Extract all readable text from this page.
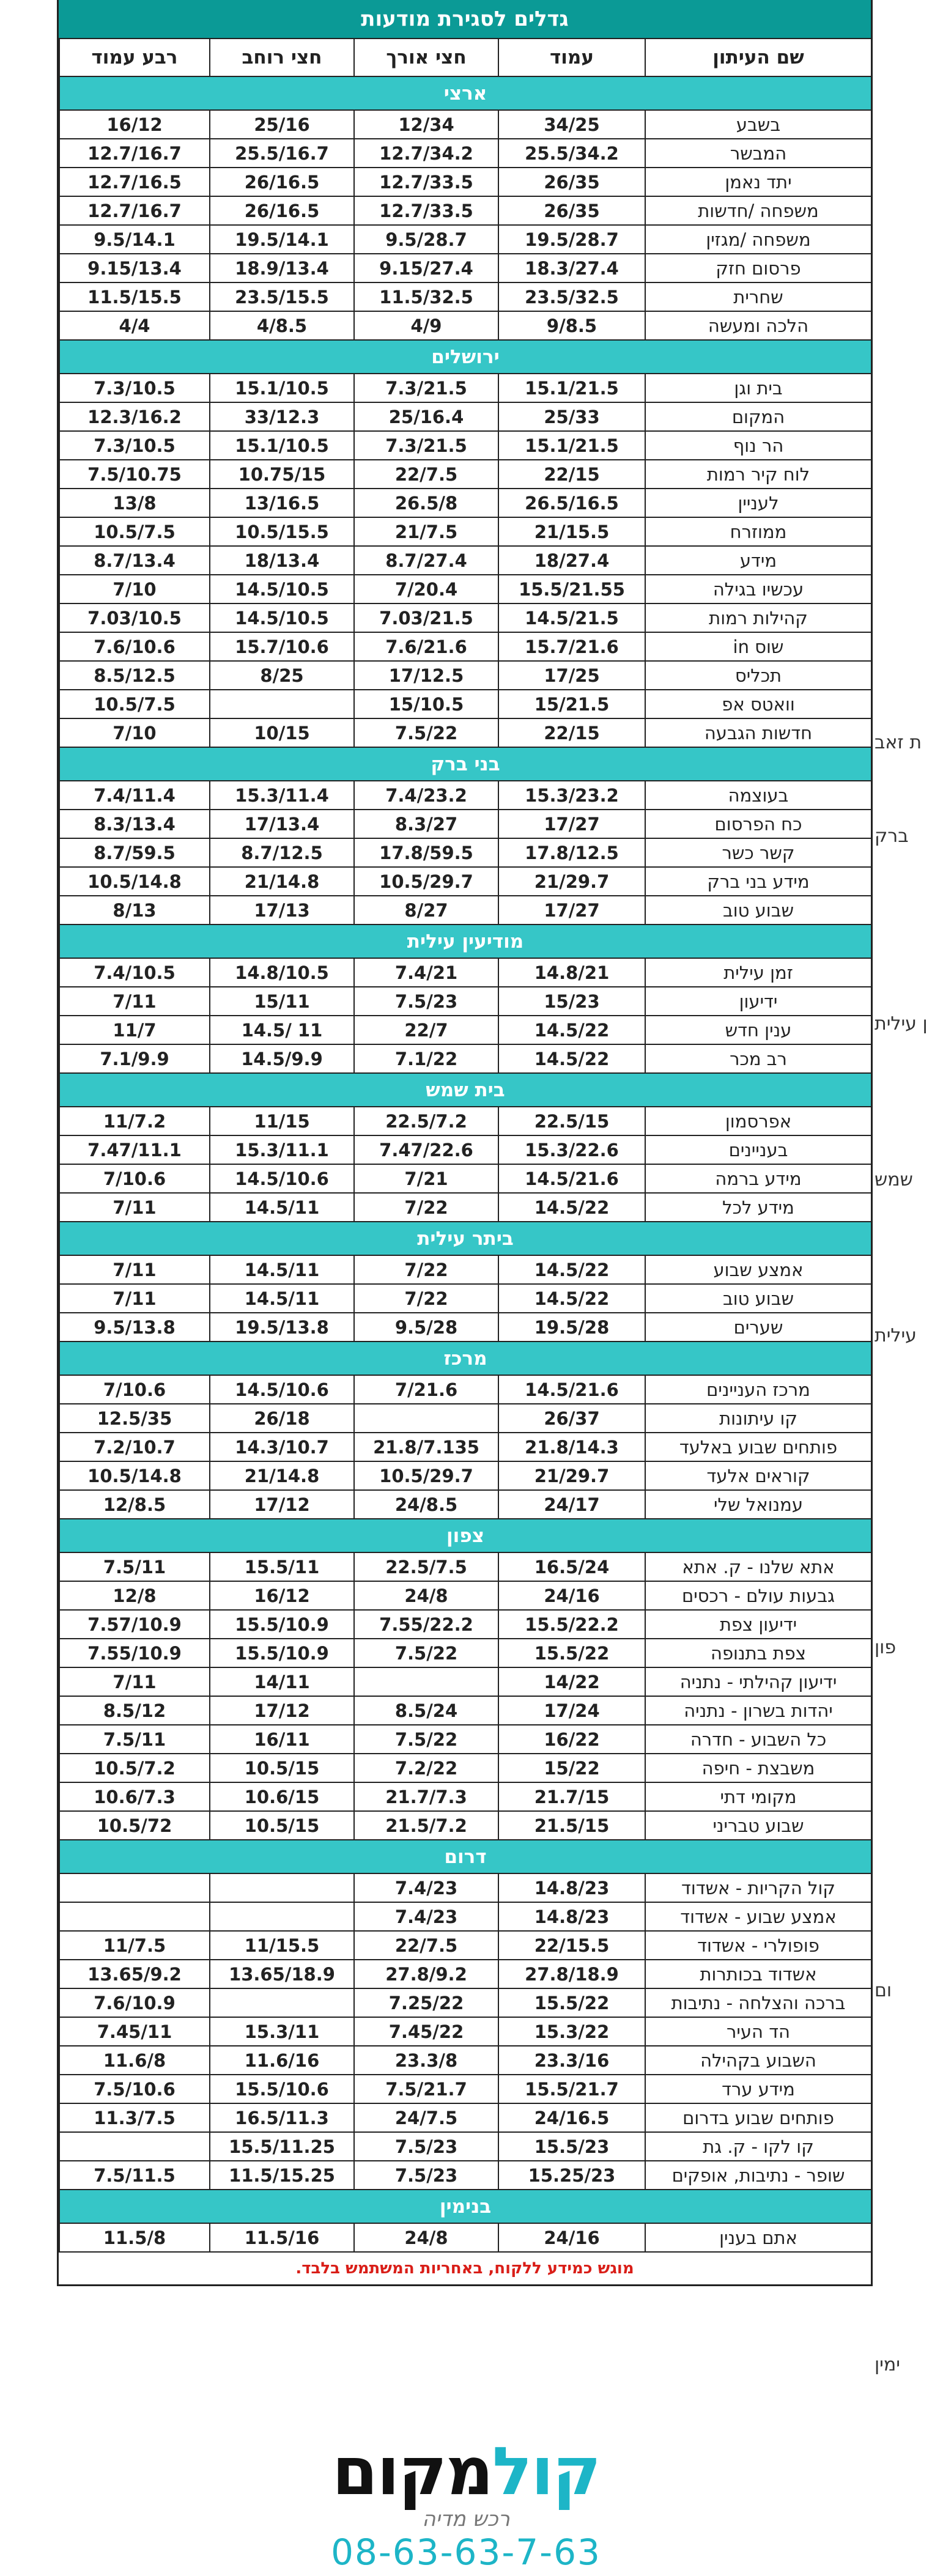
גדלים לסגירת מודעות
שם העיתון	עמוד	חצי אורך	חצי רוחב	רבע עמוד
ארצי				
בשבע	34/25	12/34	25/16	16/12
המבשר	25.5/34.2	12.7/34.2	25.5/16.7	12.7/16.7
יתד נאמן	26/35	12.7/33.5	26/16.5	12.7/16.5
משפחה /חדשות	26/35	12.7/33.5	26/16.5	12.7/16.7
משפחה /מגזין	19.5/28.7	9.5/28.7	19.5/14.1	9.5/14.1
פרסום חזק	18.3/27.4	9.15/27.4	18.9/13.4	9.15/13.4
שחרית	23.5/32.5	11.5/32.5	23.5/15.5	11.5/15.5
הלכה ומעשה	9/8.5	4/9	4/8.5	4/4
ירושלים				
בית וגן	15.1/21.5	7.3/21.5	15.1/10.5	7.3/10.5
המקום	25/33	25/16.4	33/12.3	12.3/16.2
הר נוף	15.1/21.5	7.3/21.5	15.1/10.5	7.3/10.5
לוח קיר רמות	22/15	22/7.5	10.75/15	7.5/10.75
לעניין	26.5/16.5	26.5/8	13/16.5	13/8
ממוזרח	21/15.5	21/7.5	10.5/15.5	10.5/7.5
מידע	18/27.4	8.7/27.4	18/13.4	8.7/13.4
עכשיו בגילה	15.5/21.55	7/20.4	14.5/10.5	7/10
קהילות רמות	14.5/21.5	7.03/21.5	14.5/10.5	7.03/10.5
שוס in	15.7/21.6	7.6/21.6	15.7/10.6	7.6/10.6
תכליס	17/25	17/12.5	8/25	8.5/12.5
וואטס אפ	15/21.5	15/10.5		10.5/7.5
חדשות הגבעה	22/15	7.5/22	10/15	7/10
בני ברק				
בעוצמה	15.3/23.2	7.4/23.2	15.3/11.4	7.4/11.4
כח הפרסום	17/27	8.3/27	17/13.4	8.3/13.4
קשר כשר	17.8/12.5	17.8/59.5	8.7/12.5	8.7/59.5
מידע בני ברק	21/29.7	10.5/29.7	21/14.8	10.5/14.8
שבוע טוב	17/27	8/27	17/13	8/13
מודיעין עילית				
זמן עילית	14.8/21	7.4/21	14.8/10.5	7.4/10.5
ידיעון	15/23	7.5/23	15/11	7/11
ענין חדש	14.5/22	22/7	14.5/ 11	11/7
רב מכר	14.5/22	7.1/22	14.5/9.9	7.1/9.9
בית שמש				
אפרסמון	22.5/15	22.5/7.2	11/15	11/7.2
בעניינים	15.3/22.6	7.47/22.6	15.3/11.1	7.47/11.1
מידע ברמה	14.5/21.6	7/21	14.5/10.6	7/10.6
מידע לכל	14.5/22	7/22	14.5/11	7/11
ביתר עילית				
אמצע שבוע	14.5/22	7/22	14.5/11	7/11
שבוע טוב	14.5/22	7/22	14.5/11	7/11
שערים	19.5/28	9.5/28	19.5/13.8	9.5/13.8
מרכז				
מרכז העניינים	14.5/21.6	7/21.6	14.5/10.6	7/10.6
קו עיתונות	26/37		26/18	12.5/35
פותחים שבוע באלעד	21.8/14.3	21.8/7.135	14.3/10.7	7.2/10.7
קוראים אלעד	21/29.7	10.5/29.7	21/14.8	10.5/14.8
עמנואל שלי	24/17	24/8.5	17/12	12/8.5
צפון				
אתא שלנו - ק. אתא	16.5/24	22.5/7.5	15.5/11	7.5/11
גבעות עולם - רכסים	24/16	24/8	16/12	12/8
ידיעון צפת	15.5/22.2	7.55/22.2	15.5/10.9	7.57/10.9
צפת בתנופה	15.5/22	7.5/22	15.5/10.9	7.55/10.9
ידיעון קהילתי - נתניה	14/22		14/11	7/11
יהדות בשרון - נתניה	17/24	8.5/24	17/12	8.5/12
כל השבוע - חדרה	16/22	7.5/22	16/11	7.5/11
משבצת - חיפה	15/22	7.2/22	10.5/15	10.5/7.2
מקומי דתי	21.7/15	21.7/7.3	10.6/15	10.6/7.3
שבוע טבריני	21.5/15	21.5/7.2	10.5/15	10.5/72
דרום				
קול הקריות - אשדוד	14.8/23	7.4/23		
אמצע שבוע - אשדוד	14.8/23	7.4/23		
פופולרי - אשדוד	22/15.5	22/7.5	11/15.5	11/7.5
אשדוד בכותרות	27.8/18.9	27.8/9.2	13.65/18.9	13.65/9.2
ברכה והצלחה - נתיבות	15.5/22	7.25/22		7.6/10.9
הד העיר	15.3/22	7.45/22	15.3/11	7.45/11
השבוע בקהילה	23.3/16	23.3/8	11.6/16	11.6/8
מידע ערד	15.5/21.7	7.5/21.7	15.5/10.6	7.5/10.6
פותחים שבוע בדרום	24/16.5	24/7.5	16.5/11.3	11.3/7.5
קו לקו - ק. גת	15.5/23	7.5/23	15.5/11.25	
שופר - נתיבות, אופקים	15.25/23	7.5/23	11.5/15.25	7.5/11.5
בנימין				
אתם בענין	24/16	24/8	11.5/16	11.5/8
מוגש כמידע ללקוח, באחריות המשתמש בלבד.
ת זאב
ברק
ן עילית
שמש
עילית
פון
ום
ימין
קולמקום
רכש מדיה
08-63-63-7-63
